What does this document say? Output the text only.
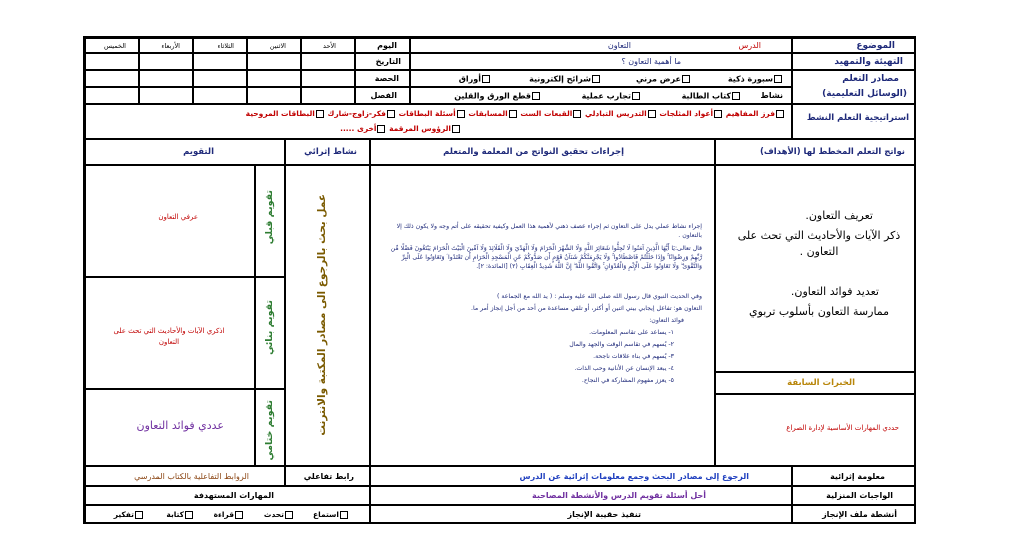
الموضوع
الدرس
التعاون
اليوم
الأحد
الاثنين
الثلاثاء
الأربعاء
الخميس
التهيئة والتمهيد
ما أهمية التعاون ؟
التاريخ
مصادر التعلم
(الوسائل التعليمية)
سبورة ذكية
عرض مرني
شرائح إلكترونية
أوراق
الحصة
نشاط
كتاب الطالبة
تجارب عملية
قطع الورق والقلين
الفصل
استراتيجية التعلم النشط
فرز المفاهيم أعواد المثلجات التدريس التبادلي القبعات الست المسابقات أسئلة البطاقات فكر-زاوج-شارك البطاقات المروحية
الرؤوس المرقمة أخرى .....
نواتج التعلم المخطط لها (الأهداف)
إجراءات تحقيق النواتج من المعلمة والمتعلم
نشاط إثرائي
التقويم
تعريف التعاون.
ذكر الآيات والأحاديث التي تحث على التعاون .
تعديد فوائد التعاون.
ممارسة التعاون بأسلوب تربوي
الخبرات السابقة
حددي المهارات الأساسية لإدارة الصراع
إجراء نشاط عملي يدل على التعاون ثم إجراء عصف ذهني لأهمية هذا العمل وكيفية تحقيقه على أتم وجه ولا يكون ذلك إلا بالتعاون .
قال تعالى:يَا أَيُّهَا الَّذِينَ آمَنُوا لَا تُحِلُّوا شَعَائِرَ اللَّهِ وَلَا الشَّهْرَ الْحَرَامَ وَلَا الْهَدْيَ وَلَا الْقَلَائِدَ وَلَا آمِّينَ الْبَيْتَ الْحَرَامَ يَبْتَغُونَ فَضْلًا مِّن رَّبِّهِمْ وَرِضْوَانًا ۚ وَإِذَا حَلَلْتُمْ فَاصْطَادُوا ۚ وَلَا يَجْرِمَنَّكُمْ شَنَآنُ قَوْمٍ أَن صَدُّوكُمْ عَنِ الْمَسْجِدِ الْحَرَامِ أَن تَعْتَدُوا ۘ وَتَعَاوَنُوا عَلَى الْبِرِّ وَالتَّقْوَىٰ ۖ وَلَا تَعَاوَنُوا عَلَى الْإِثْمِ وَالْعُدْوَانِ ۚ وَاتَّقُوا اللَّهَ ۖ إِنَّ اللَّهَ شَدِيدُ الْعِقَابِ (٢) [المائدة: ٢].
وفي الحديث النبوي قال رسول الله صلى الله عليه وسلم : ( يد الله مع الجماعة )
التعاون هو: تفاعل إيجابي بيني اثنين أو أكثر، أو تلقي مساعدة من أحد من أجل إنجاز أمر ما.
فوائد التعاون:
١- يساعد على تقاسم المعلومات.
٢- يُسهم في تقاسم الوقت والجهد والمال
٣- يُسهم في بناء علاقات ناجحة.
٤- يبعد الإنسان عن الأنانية وحب الذات.
٥- يعزز مفهوم المشاركة في النجاح.
عمل بحث بالرجوع الى مصادر المكتبة والانترنت
تقويم قبلي
تقويم بنائي
تقويم ختامي
عرفي التعاون
اذكري الآيات والأحاديث التي تحث على التعاون
عددي فوائد التعاون
معلومة إثرائية
الرجوع إلى مصادر البحث وجمع معلومات إثرائية عن الدرس
رابط تفاعلي
الروابط التفاعلية بالكتاب المدرسي
الواجبات المنزلية
أحل أسئلة تقويم الدرس والأنشطة المصاحبة
المهارات المستهدفة
أنشطة ملف الإنجاز
تنفيذ حقيبة الإنجاز
استماع
تحدث
قراءة
كتابة
تفكير
